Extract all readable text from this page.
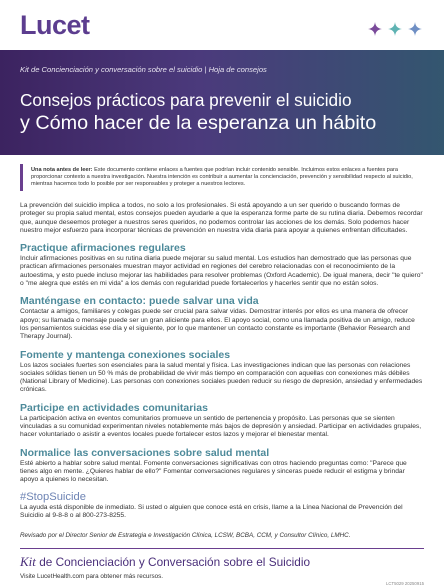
Lucet
Kit de Concienciación y conversación sobre el suicidio | Hoja de consejos
Consejos prácticos para prevenir el suicidio
y Cómo hacer de la esperanza un hábito
Una nota antes de leer: Este documento contiene enlaces a fuentes que podrían incluir contenido sensible. Incluimos estos enlaces a fuentes para proporcionar contexto a nuestra investigación. Nuestra intención es contribuir a aumentar la concienciación, prevención y sensibilidad respecto al suicidio, mientras hacemos todo lo posible por ser responsables y proteger a nuestros lectores.

La prevención del suicidio implica a todos, no solo a los profesionales. Si está apoyando a un ser querido o buscando formas de proteger su propia salud mental, estos consejos pueden ayudarle a que la esperanza forme parte de su rutina diaria. Debemos recordar que, aunque deseemos proteger a nuestros seres queridos, no podemos controlar las acciones de los demás. Solo podemos hacer nuestro mejor esfuerzo para incorporar técnicas de prevención en nuestra vida diaria para apoyar a quienes enfrentan dificultades.

Practique afirmaciones regulares

Incluir afirmaciones positivas en su rutina diaria puede mejorar su salud mental. Los estudios han demostrado que las personas que practican afirmaciones personales muestran mayor actividad en regiones del cerebro relacionadas con el reconocimiento de la autoestima, y esto puede incluso mejorar las habilidades para resolver problemas (Oxford Academic). De igual manera, decir "te quiero" o "me alegra que estés en mi vida" a los demás con regularidad puede fortalecerlos y hacerles sentir que no están solos.

Manténgase en contacto: puede salvar una vida

Contactar a amigos, familiares y colegas puede ser crucial para salvar vidas. Demostrar interés por ellos es una manera de ofrecer apoyo; su llamada o mensaje puede ser un gran aliciente para ellos. El apoyo social, como una llamada positiva de un amigo, reduce los pensamientos suicidas ese día y el siguiente, por lo que mantener un contacto constante es importante (Behavior Research and Therapy Journal).

Fomente y mantenga conexiones sociales

Los lazos sociales fuertes son esenciales para la salud mental y física. Las investigaciones indican que las personas con relaciones sociales sólidas tienen un 50 % más de probabilidad de vivir más tiempo en comparación con aquellas con conexiones más débiles (National Library of Medicine). Las personas con conexiones sociales pueden reducir su riesgo de depresión, ansiedad y enfermedades crónicas.

Participe en actividades comunitarias

La participación activa en eventos comunitarios promueve un sentido de pertenencia y propósito. Las personas que se sienten vinculadas a su comunidad experimentan niveles notablemente más bajos de depresión y ansiedad. Participar en actividades grupales, hacer voluntariado o asistir a eventos locales puede fortalecer estos lazos y mejorar el bienestar mental.

Normalice las conversaciones sobre salud mental

Esté abierto a hablar sobre salud mental. Fomente conversaciones significativas con otros haciendo preguntas como: "Parece que tienes algo en mente. ¿Quieres hablar de ello?" Fomentar conversaciones regulares y sinceras puede reducir el estigma y brindar apoyo a quienes lo necesitan.

#StopSuicide

La ayuda está disponible de inmediato. Si usted o alguien que conoce está en crisis, llame a la Línea Nacional de Prevención del Suicidio al 9-8-8 o al 800-273-8255.

Revisado por el Director Senior de Estrategia e Investigación Clínica, LCSW, BCBA, CCM, y Consultor Clínico, LMHC.

Kit de Concienciación y Conversación sobre el Suicidio
Visite LucetHealth.com para obtener más recursos.
LCT5029 20250915
